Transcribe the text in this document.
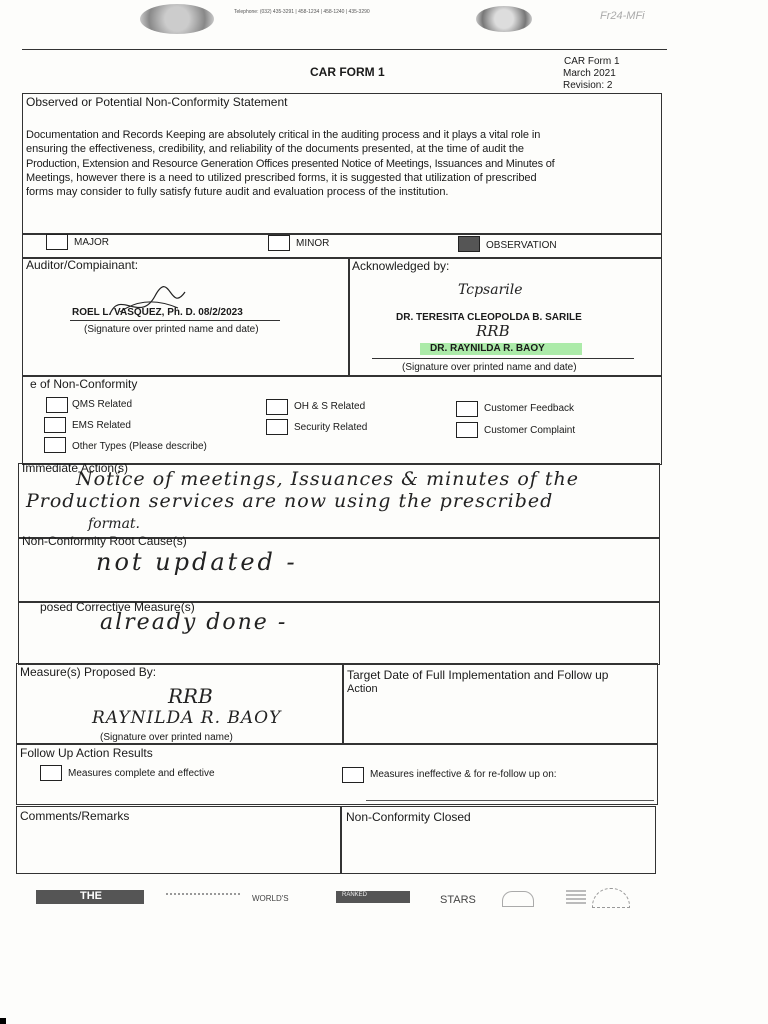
Telephone: (032) 435-3291 | 458-1234 | 458-1240 | 435-3290	Fr24-MFi
CAR FORM 1
CAR Form 1
March 2021
Revision: 2
Observed or Potential Non-Conformity Statement
Documentation and Records Keeping are absolutely critical in the auditing process and it plays a vital role in
ensuring the effectiveness, credibility, and reliability of the documents presented, at the time of audit the
Production, Extension and Resource Generation Offices presented Notice of Meetings, Issuances and Minutes of
Meetings, however there is a need to utilized prescribed forms, it is suggested that utilization of prescribed
forms may consider to fully satisfy future audit and evaluation process of the institution.
MAJOR	MINOR	OBSERVATION
Auditor/Compiainant:	Acknowledged by:
ROEL L. VASQUEZ, Ph. D. 08/2/2023
(Signature over printed name and date)
Tcpsarile
DR. TERESITA CLEOPOLDA B. SARILE
RRB
DR. RAYNILDA R. BAOY
(Signature over printed name and date)
e of Non-Conformity
QMS Related
EMS Related
Other Types (Please describe)
OH & S Related
Security Related
Customer Feedback
Customer Complaint
Immediate Action(s)
Notice of meetings, Issuances & minutes of the
Production services are now using the prescribed
format.
Non-Conformity Root Cause(s)
not updated -
posed Corrective Measure(s)
already done -
Measure(s) Proposed By:
RRB
RAYNILDA R. BAOY
(Signature over printed name)
Target Date of Full Implementation and Follow up
Action
Follow Up Action Results
Measures complete and effective	Measures ineffective & for re-follow up on:
Comments/Remarks	Non-Conformity Closed
THE	WORLD'S	RANKED	STARS
